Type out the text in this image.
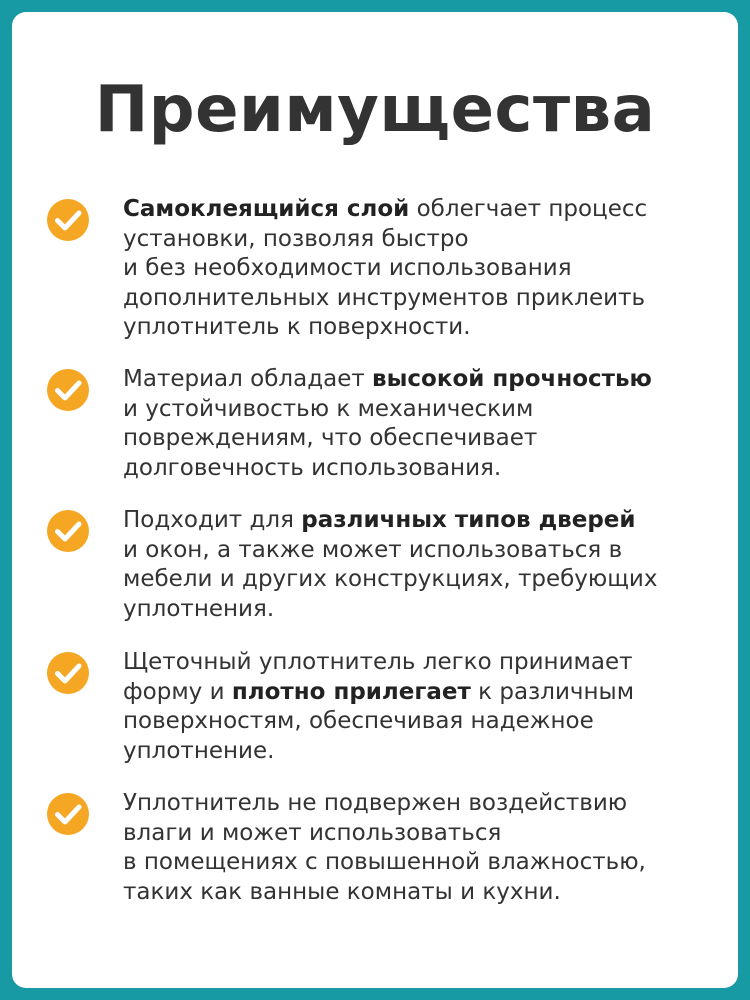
Преимущества
Самоклеящийся слой облегчает процесс
установки, позволяя быстро
и без необходимости использования
дополнительных инструментов приклеить
уплотнитель к поверхности.
Материал обладает высокой прочностью
и устойчивостью к механическим
повреждениям, что обеспечивает
долговечность использования.
Подходит для различных типов дверей
и окон, а также может использоваться в
мебели и других конструкциях, требующих
уплотнения.
Щеточный уплотнитель легко принимает
форму и плотно прилегает к различным
поверхностям, обеспечивая надежное
уплотнение.
Уплотнитель не подвержен воздействию
влаги и может использоваться
в помещениях с повышенной влажностью,
таких как ванные комнаты и кухни.
